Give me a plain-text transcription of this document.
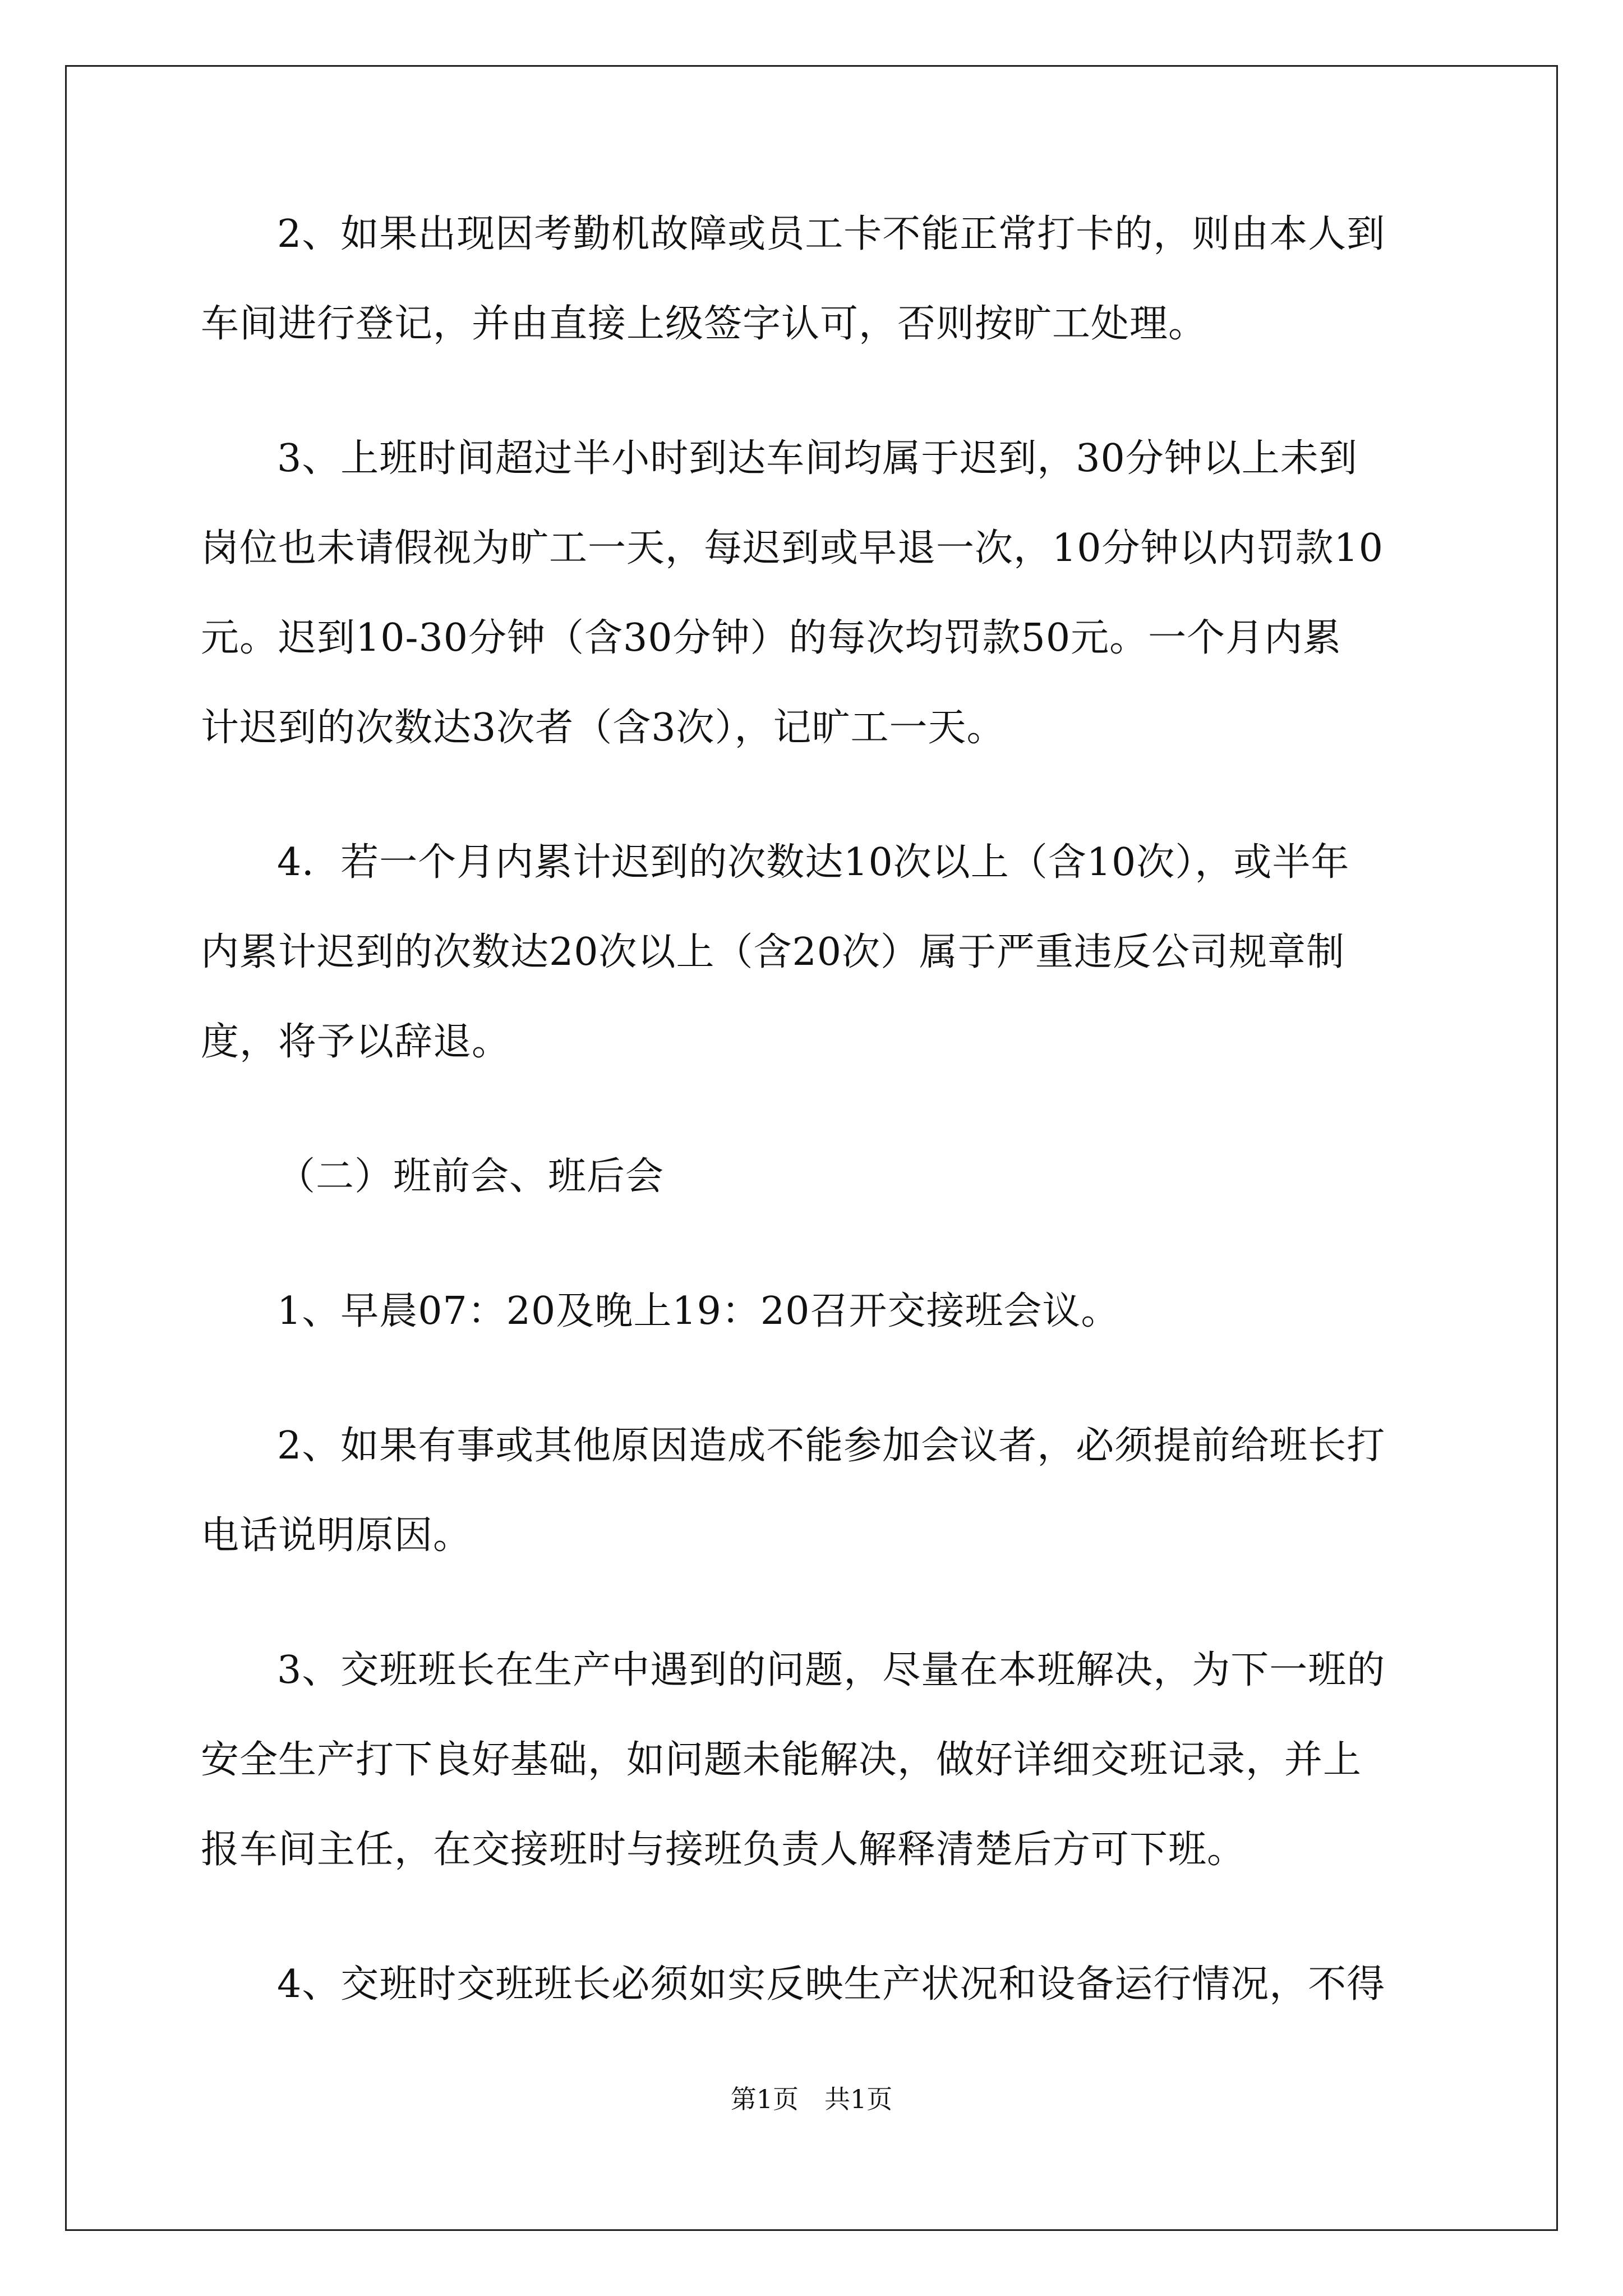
2、如果出现因考勤机故障或员工卡不能正常打卡的，则由本人到
车间进行登记，并由直接上级签字认可，否则按旷工处理。
3、上班时间超过半小时到达车间均属于迟到，30分钟以上未到
岗位也未请假视为旷工一天，每迟到或早退一次，10分钟以内罚款10
元。迟到10-30分钟（含30分钟）的每次均罚款50元。一个月内累
计迟到的次数达3次者（含3次），记旷工一天。
4．若一个月内累计迟到的次数达10次以上（含10次），或半年
内累计迟到的次数达20次以上（含20次）属于严重违反公司规章制
度，将予以辞退。
（二）班前会、班后会
1、早晨07：20及晚上19：20召开交接班会议。
2、如果有事或其他原因造成不能参加会议者，必须提前给班长打
电话说明原因。
3、交班班长在生产中遇到的问题，尽量在本班解决，为下一班的
安全生产打下良好基础，如问题未能解决，做好详细交班记录，并上
报车间主任，在交接班时与接班负责人解释清楚后方可下班。
4、交班时交班班长必须如实反映生产状况和设备运行情况，不得
第1页　共1页
